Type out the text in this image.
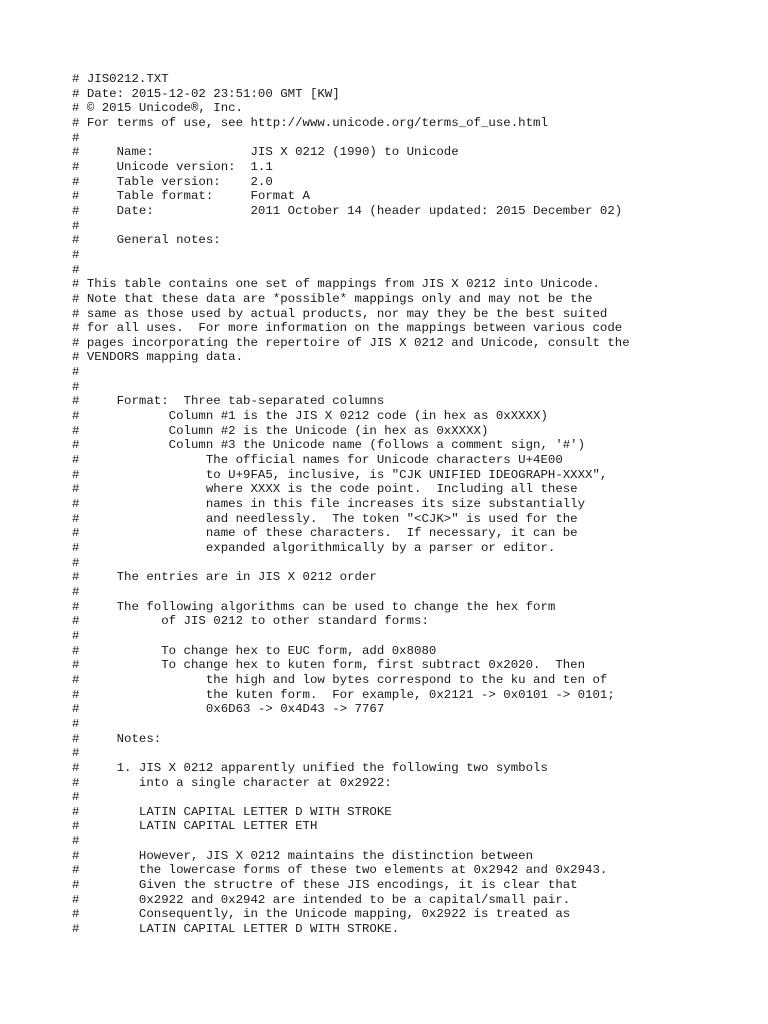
# JIS0212.TXT
# Date: 2015-12-02 23:51:00 GMT [KW]
# © 2015 Unicode®, Inc.
# For terms of use, see http://www.unicode.org/terms_of_use.html
#
#     Name:             JIS X 0212 (1990) to Unicode
#     Unicode version:  1.1
#     Table version:    2.0
#     Table format:     Format A
#     Date:             2011 October 14 (header updated: 2015 December 02)
#
#     General notes:
#
#
# This table contains one set of mappings from JIS X 0212 into Unicode.
# Note that these data are *possible* mappings only and may not be the
# same as those used by actual products, nor may they be the best suited
# for all uses.  For more information on the mappings between various code
# pages incorporating the repertoire of JIS X 0212 and Unicode, consult the
# VENDORS mapping data.
#
#
#     Format:  Three tab-separated columns
#            Column #1 is the JIS X 0212 code (in hex as 0xXXXX)
#            Column #2 is the Unicode (in hex as 0xXXXX)
#            Column #3 the Unicode name (follows a comment sign, '#')
#                 The official names for Unicode characters U+4E00
#                 to U+9FA5, inclusive, is "CJK UNIFIED IDEOGRAPH-XXXX",
#                 where XXXX is the code point.  Including all these
#                 names in this file increases its size substantially
#                 and needlessly.  The token "<CJK>" is used for the
#                 name of these characters.  If necessary, it can be
#                 expanded algorithmically by a parser or editor.
#
#     The entries are in JIS X 0212 order
#
#     The following algorithms can be used to change the hex form
#           of JIS 0212 to other standard forms:
#
#           To change hex to EUC form, add 0x8080
#           To change hex to kuten form, first subtract 0x2020.  Then
#                 the high and low bytes correspond to the ku and ten of
#                 the kuten form.  For example, 0x2121 -> 0x0101 -> 0101;
#                 0x6D63 -> 0x4D43 -> 7767
#
#     Notes:
#
#     1. JIS X 0212 apparently unified the following two symbols
#        into a single character at 0x2922:
#
#        LATIN CAPITAL LETTER D WITH STROKE
#        LATIN CAPITAL LETTER ETH
#
#        However, JIS X 0212 maintains the distinction between
#        the lowercase forms of these two elements at 0x2942 and 0x2943.
#        Given the structre of these JIS encodings, it is clear that
#        0x2922 and 0x2942 are intended to be a capital/small pair.
#        Consequently, in the Unicode mapping, 0x2922 is treated as
#        LATIN CAPITAL LETTER D WITH STROKE.
